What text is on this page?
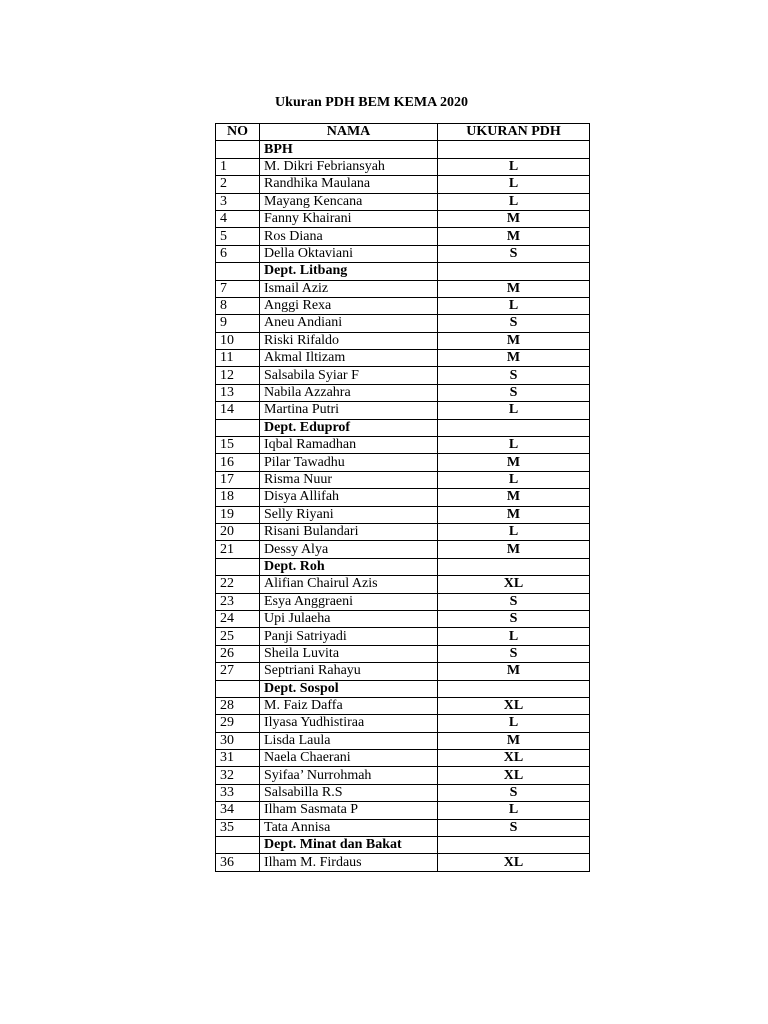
Ukuran PDH BEM KEMA 2020
NO	NAMA	UKURAN PDH
	BPH	
1	M. Dikri Febriansyah	L
2	Randhika Maulana	L
3	Mayang Kencana	L
4	Fanny Khairani	M
5	Ros Diana	M
6	Della Oktaviani	S
	Dept. Litbang	
7	Ismail Aziz	M
8	Anggi Rexa	L
9	Aneu Andiani	S
10	Riski Rifaldo	M
11	Akmal Iltizam	M
12	Salsabila Syiar F	S
13	Nabila Azzahra	S
14	Martina Putri	L
	Dept. Eduprof	
15	Iqbal Ramadhan	L
16	Pilar Tawadhu	M
17	Risma Nuur	L
18	Disya Allifah	M
19	Selly Riyani	M
20	Risani Bulandari	L
21	Dessy Alya	M
	Dept. Roh	
22	Alifian Chairul Azis	XL
23	Esya Anggraeni	S
24	Upi Julaeha	S
25	Panji Satriyadi	L
26	Sheila Luvita	S
27	Septriani Rahayu	M
	Dept. Sospol	
28	M. Faiz Daffa	XL
29	Ilyasa Yudhistiraa	L
30	Lisda Laula	M
31	Naela Chaerani	XL
32	Syifaa’ Nurrohmah	XL
33	Salsabilla R.S	S
34	Ilham Sasmata P	L
35	Tata Annisa	S
	Dept. Minat dan Bakat	
36	Ilham M. Firdaus	XL
